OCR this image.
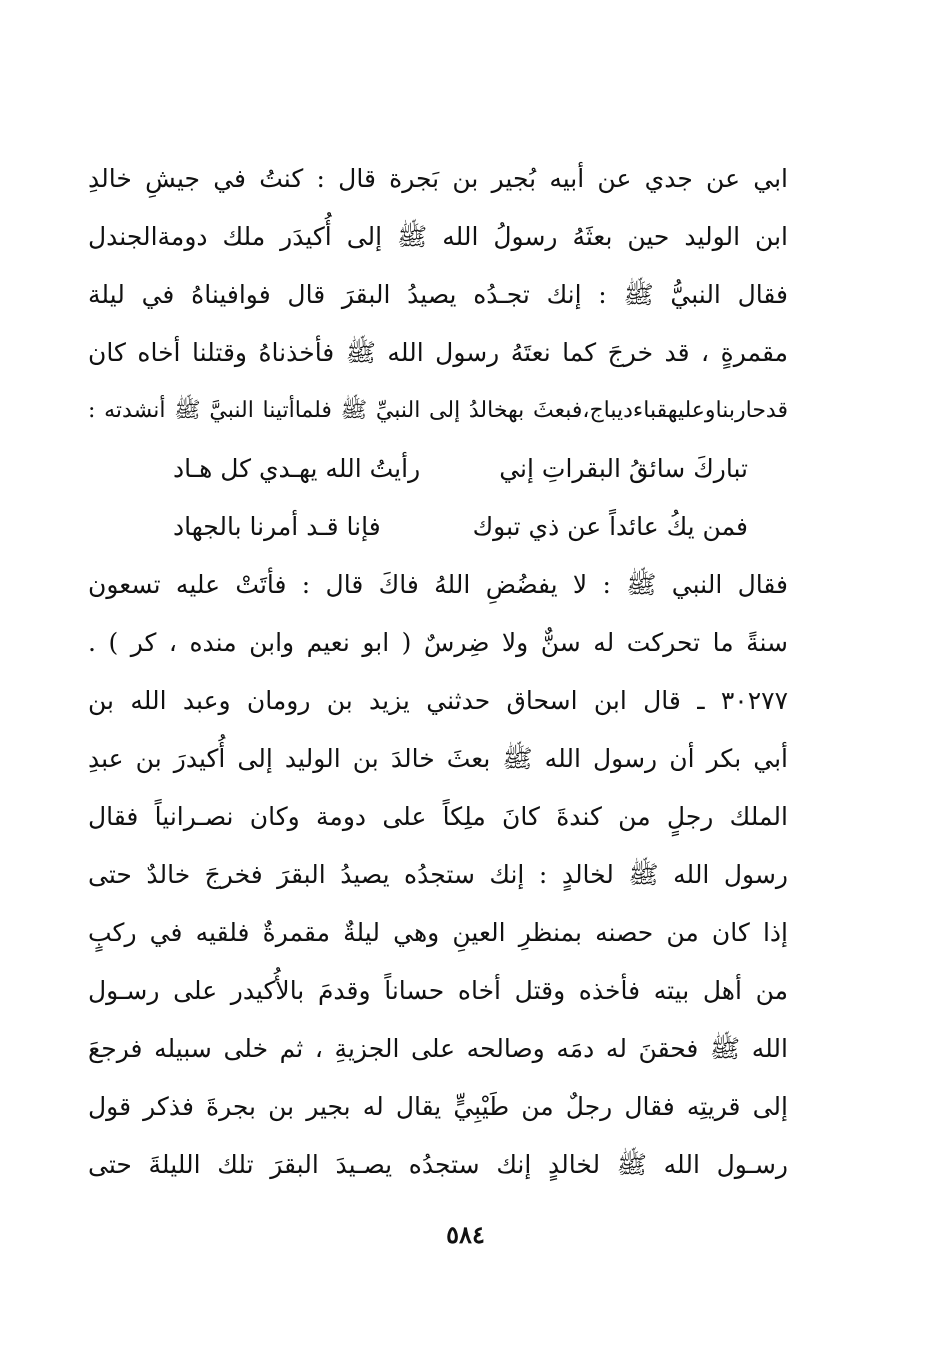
ابي عن جدي عن أبيه بُجير بن بَجرة قال : كنتُ في جيشِ خالدِ
ابن الوليد حين بعثَهُ رسولُ الله ﷺ إلى أُكيدَر ملك دومةالجندل
فقال النبيُّ ﷺ : إنك تجـدُه يصيدُ البقرَ قال فوافيناهُ في ليلة
مقمرةٍ ، قد خرجَ كما نعتَهُ رسول الله ﷺ فأخذناهُ وقتلنا أخاه كان
قدحاربناوعليهقباءديباج،فبعثَ بهخالدُ إلى النبيِّ ﷺ فلماأتينا النبيَّ ﷺ أنشدته :
تباركَ سائقُ البقراتِ إني
رأيتُ الله يهـدي كل هـاد
فمن يكُ عائداً عن ذي تبوك
فإنا قـد أمرنا بالجهاد
فقال النبي ﷺ : لا يفضُضِ اللهُ فاكَ قال : فأتَتْ عليه تسعون
سنةً ما تحركت له سنٌّ ولا ضِرسٌ ( ابو نعيم وابن منده ، كر ) .
٣٠٢٧٧ ـ قال ابن اسحاق حدثني يزيد بن رومان وعبد الله بن
أبي بكر أن رسول الله ﷺ بعثَ خالدَ بن الوليد إلى أُكيدرَ بن عبدِ
الملك رجلٍ من كندةَ كانَ ملِكاً على دومة وكان نصـرانياً فقال
رسول الله ﷺ لخالدٍ : إنك ستجدُه يصيدُ البقرَ فخرجَ خالدٌ حتى
إذا كان من حصنه بمنظرِ العينِ وهي ليلةٌ مقمرةٌ فلقيه في ركبٍ
من أهل بيته فأخذه وقتل أخاه حساناً وقدمَ بالأُكيدر على رسـول
الله ﷺ فحقنَ له دمَه وصالحه على الجزيةِ ، ثم خلى سبيله فرجعَ
إلى قريتِه فقال رجلٌ من طَيْبِيٍّ يقال له بجير بن بجرةَ فذكر قول
رسـول الله ﷺ لخالدٍ إنك ستجدُه يصـيدَ البقرَ تلك الليلةَ حتى
٥٨٤
